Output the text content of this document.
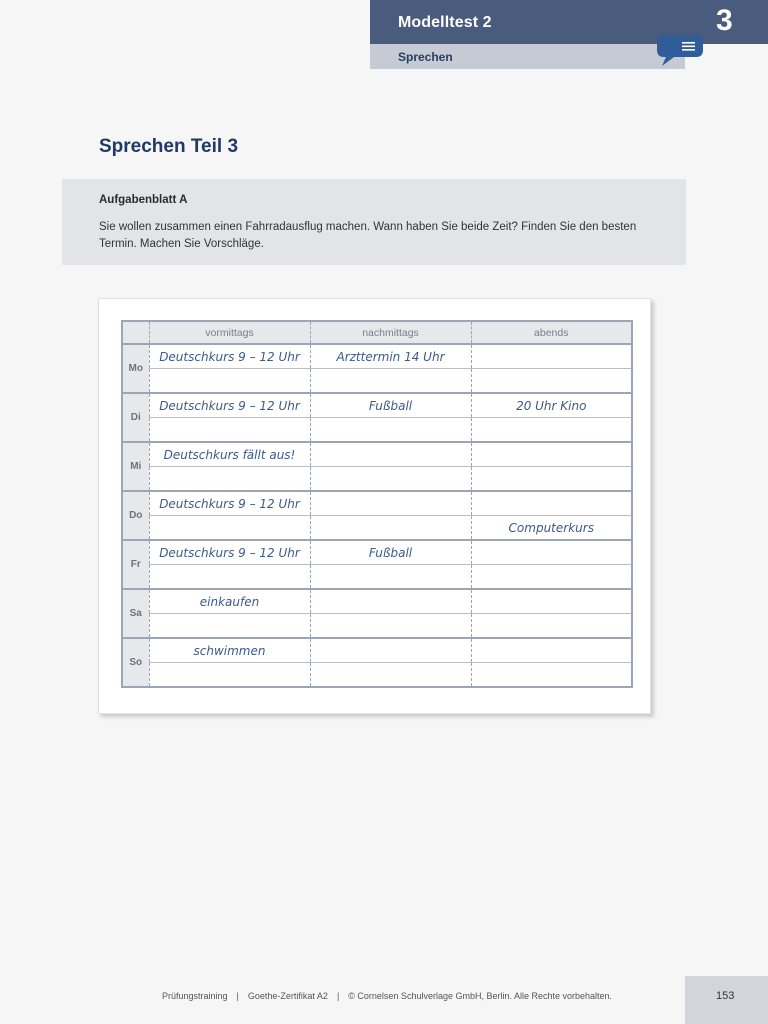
Modelltest 2
Sprechen
3
Sprechen Teil 3
Aufgabenblatt A
Sie wollen zusammen einen Fahrradausflug machen. Wann haben Sie beide Zeit? Finden Sie den besten Termin. Machen Sie Vorschläge.
	vormittags	nachmittags	abends
Mo	Deutschkurs 9 – 12 Uhr	Arzttermin 14 Uhr	

Di	Deutschkurs 9 – 12 Uhr	Fußball	20 Uhr Kino

Mi	Deutschkurs fällt aus!		

Do	Deutschkurs 9 – 12 Uhr		
			Computerkurs
Fr	Deutschkurs 9 – 12 Uhr	Fußball	

Sa	einkaufen		

So	schwimmen		

Prüfungstraining | Goethe-Zertifikat A2 | © Cornelsen Schulverlage GmbH, Berlin. Alle Rechte vorbehalten.	153
